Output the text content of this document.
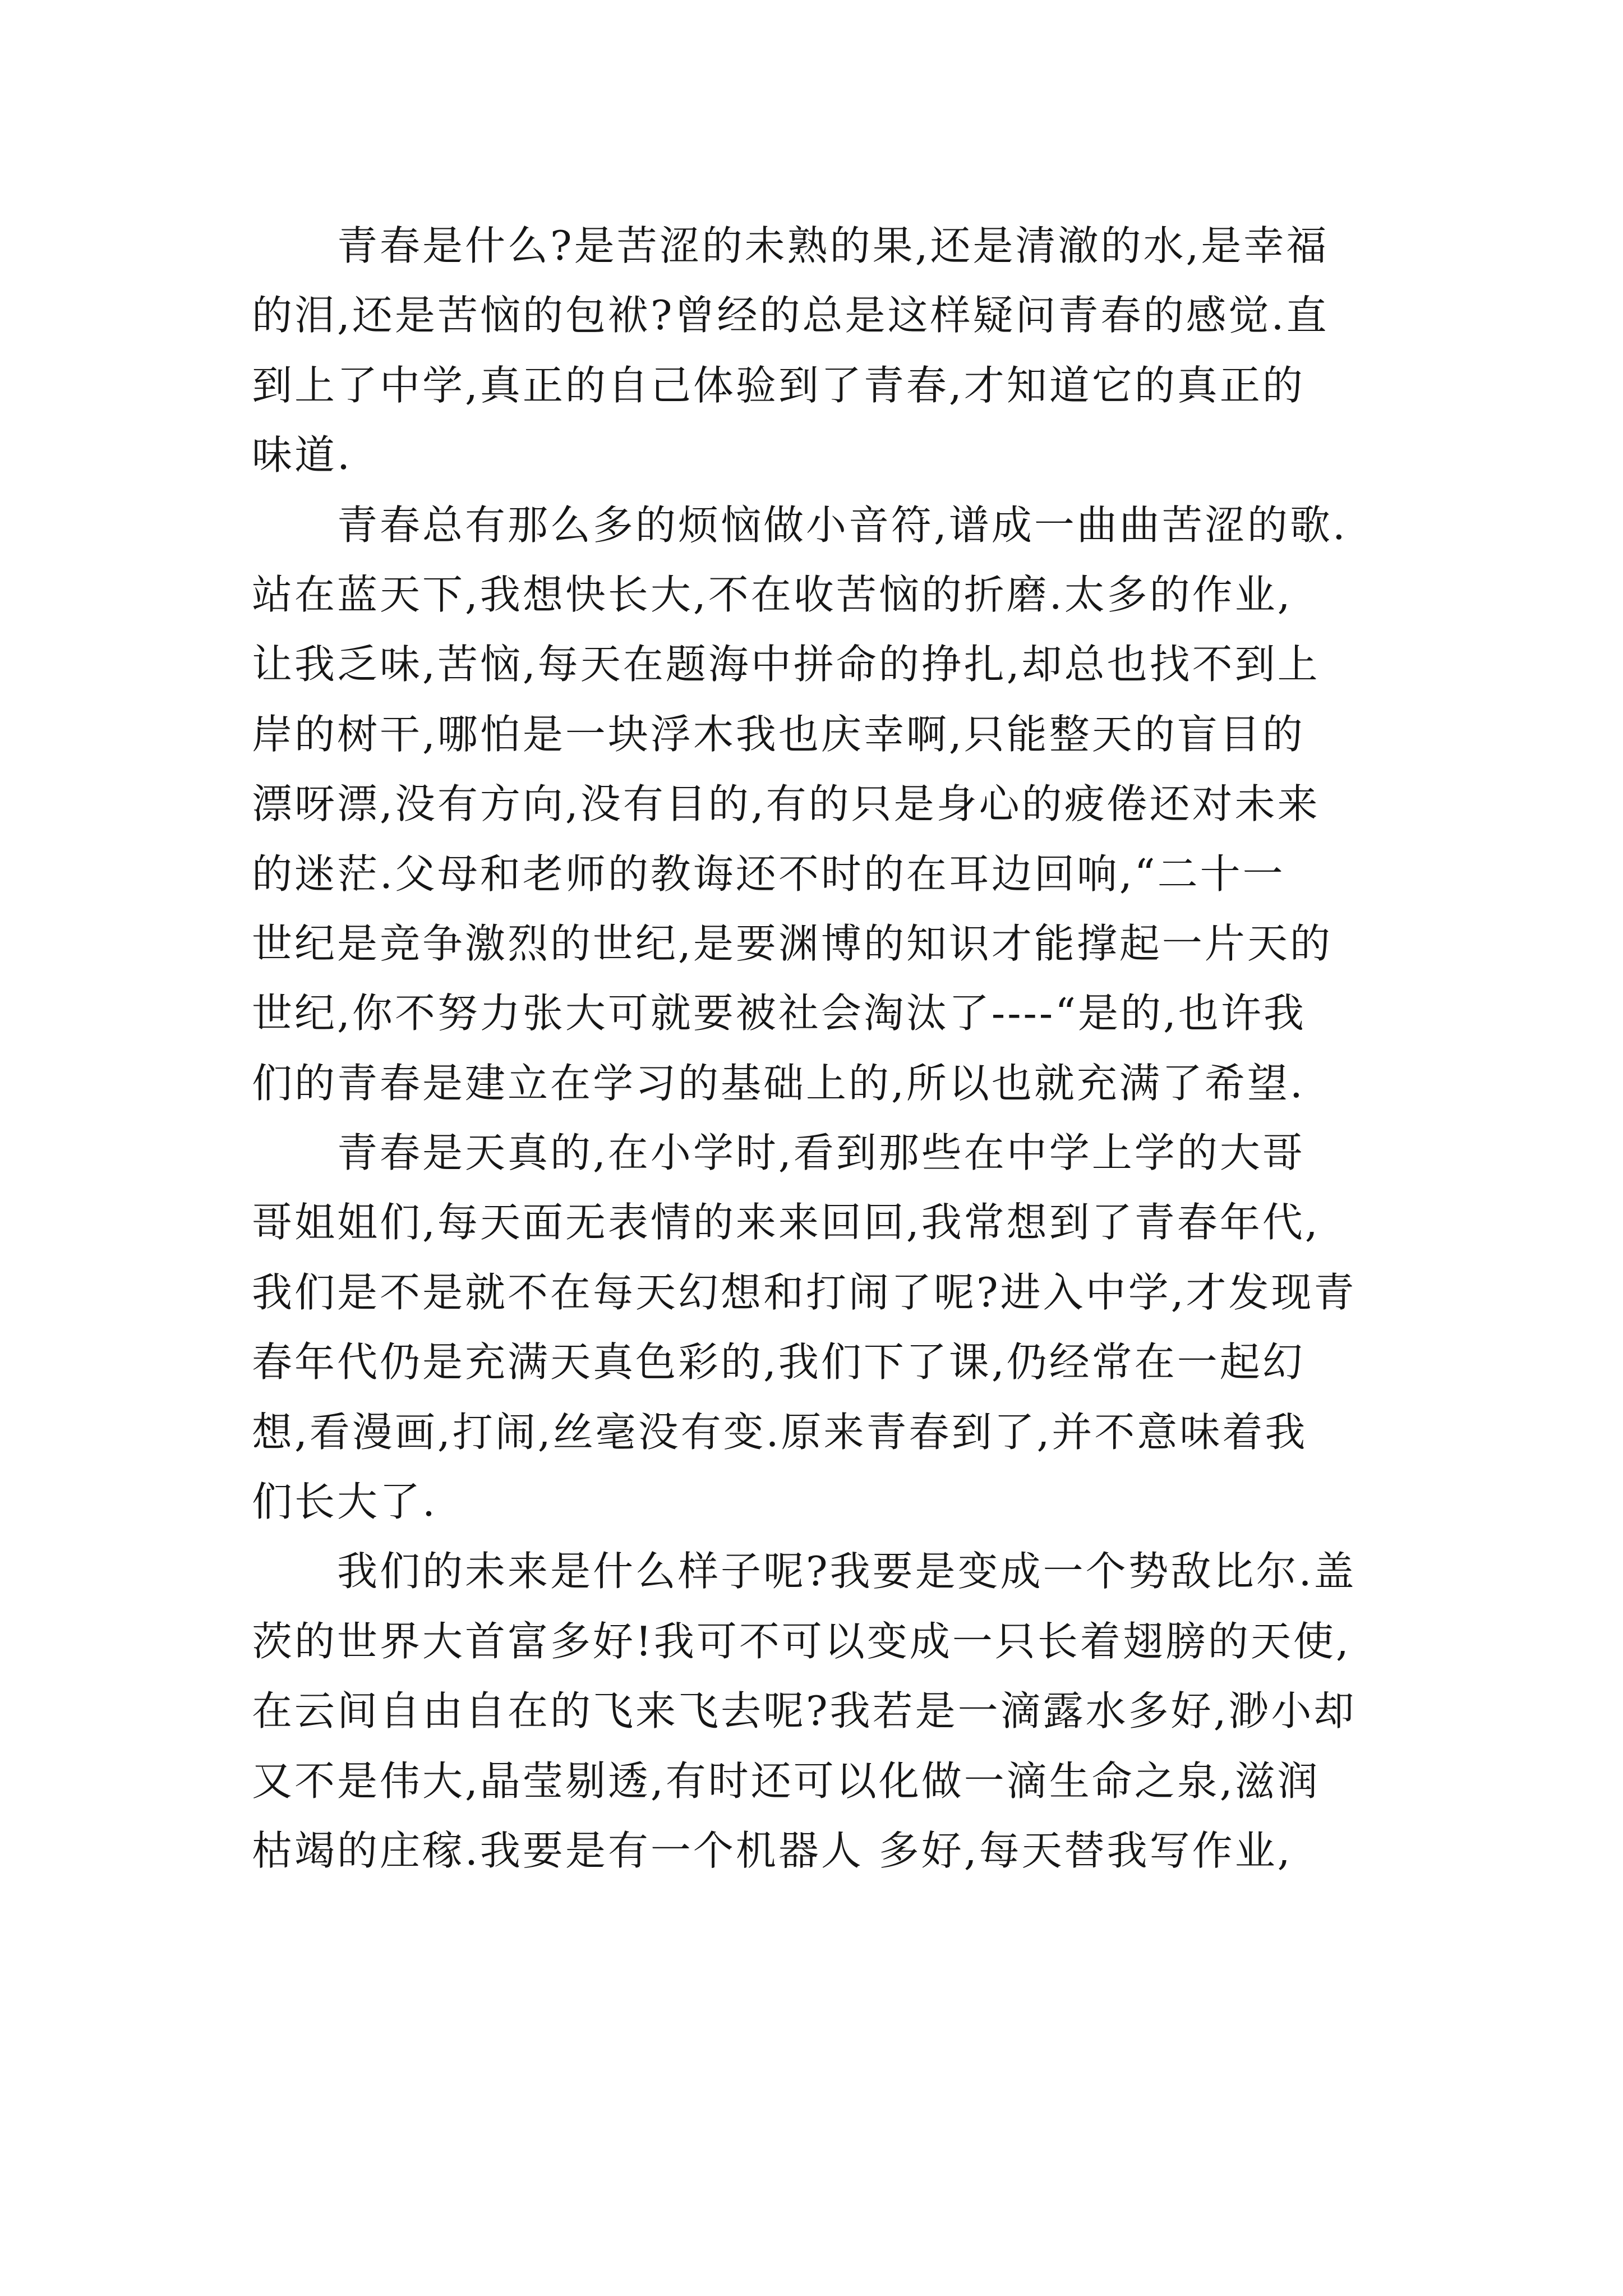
青春是什么?是苦涩的未熟的果,还是清澈的水,是幸福
的泪,还是苦恼的包袱?曾经的总是这样疑问青春的感觉.直
到上了中学,真正的自己体验到了青春,才知道它的真正的
味道.
青春总有那么多的烦恼做小音符,谱成一曲曲苦涩的歌.
站在蓝天下,我想快长大,不在收苦恼的折磨.太多的作业,
让我乏味,苦恼,每天在题海中拼命的挣扎,却总也找不到上
岸的树干,哪怕是一块浮木我也庆幸啊,只能整天的盲目的
漂呀漂,没有方向,没有目的,有的只是身心的疲倦还对未来
的迷茫.父母和老师的教诲还不时的在耳边回响,“二十一
世纪是竞争激烈的世纪,是要渊博的知识才能撑起一片天的
世纪,你不努力张大可就要被社会淘汰了----“是的,也许我
们的青春是建立在学习的基础上的,所以也就充满了希望.
青春是天真的,在小学时,看到那些在中学上学的大哥
哥姐姐们,每天面无表情的来来回回,我常想到了青春年代,
我们是不是就不在每天幻想和打闹了呢?进入中学,才发现青
春年代仍是充满天真色彩的,我们下了课,仍经常在一起幻
想,看漫画,打闹,丝毫没有变.原来青春到了,并不意味着我
们长大了.
我们的未来是什么样子呢?我要是变成一个势敌比尔.盖
茨的世界大首富多好!我可不可以变成一只长着翅膀的天使,
在云间自由自在的飞来飞去呢?我若是一滴露水多好,渺小却
又不是伟大,晶莹剔透,有时还可以化做一滴生命之泉,滋润
枯竭的庄稼.我要是有一个机器人 多好,每天替我写作业,
